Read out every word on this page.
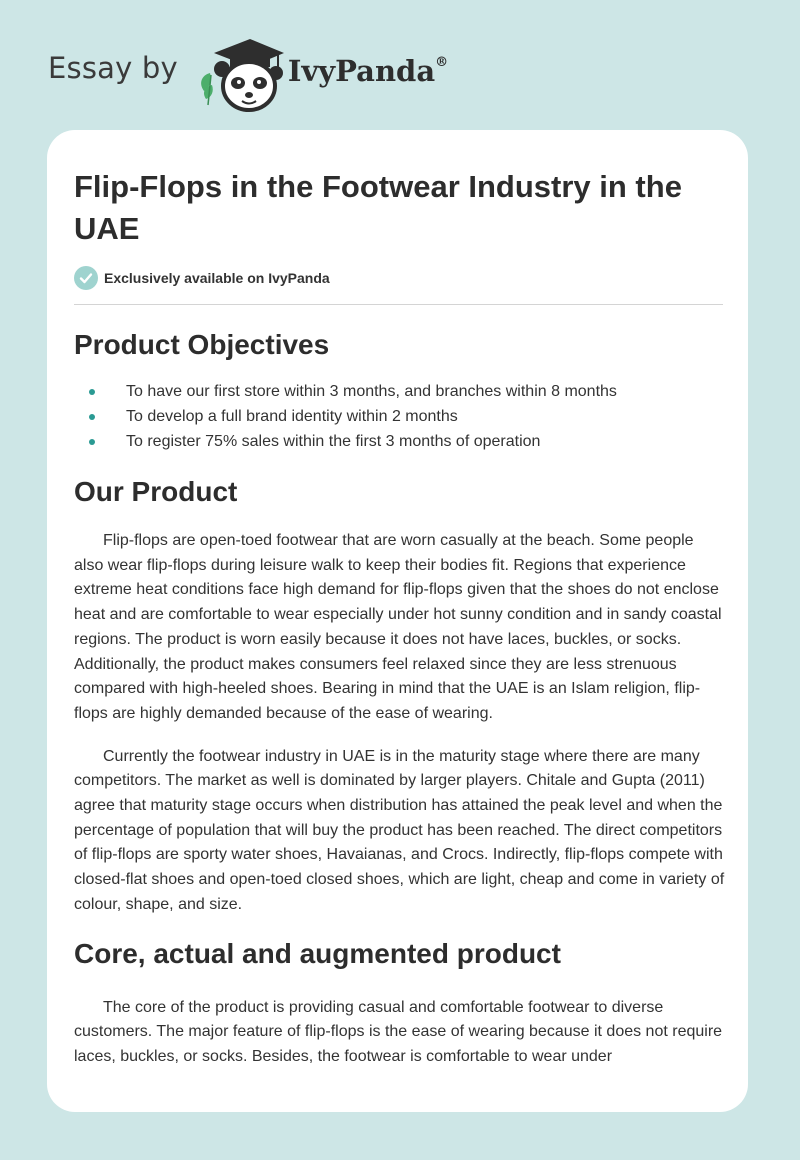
Essay by	IvyPanda®
Flip-Flops in the Footwear Industry in the UAE
Exclusively available on IvyPanda
Product Objectives
To have our first store within 3 months, and branches within 8 months
To develop a full brand identity within 2 months
To register 75% sales within the first 3 months of operation
Our Product

Flip-flops are open-toed footwear that are worn casually at the beach. Some people also wear flip-flops during leisure walk to keep their bodies fit. Regions that experience extreme heat conditions face high demand for flip-flops given that the shoes do not enclose heat and are comfortable to wear especially under hot sunny condition and in sandy coastal regions. The product is worn easily because it does not have laces, buckles, or socks. Additionally, the product makes consumers feel relaxed since they are less strenuous compared with high-heeled shoes. Bearing in mind that the UAE is an Islam religion, flip-flops are highly demanded because of the ease of wearing.

Currently the footwear industry in UAE is in the maturity stage where there are many competitors. The market as well is dominated by larger players. Chitale and Gupta (2011) agree that maturity stage occurs when distribution has attained the peak level and when the percentage of population that will buy the product has been reached. The direct competitors of flip-flops are sporty water shoes, Havaianas, and Crocs. Indirectly, flip-flops compete with closed-flat shoes and open-toed closed shoes, which are light, cheap and come in variety of colour, shape, and size.

Core, actual and augmented product

The core of the product is providing casual and comfortable footwear to diverse customers. The major feature of flip-flops is the ease of wearing because it does not require laces, buckles, or socks. Besides, the footwear is comfortable to wear under
